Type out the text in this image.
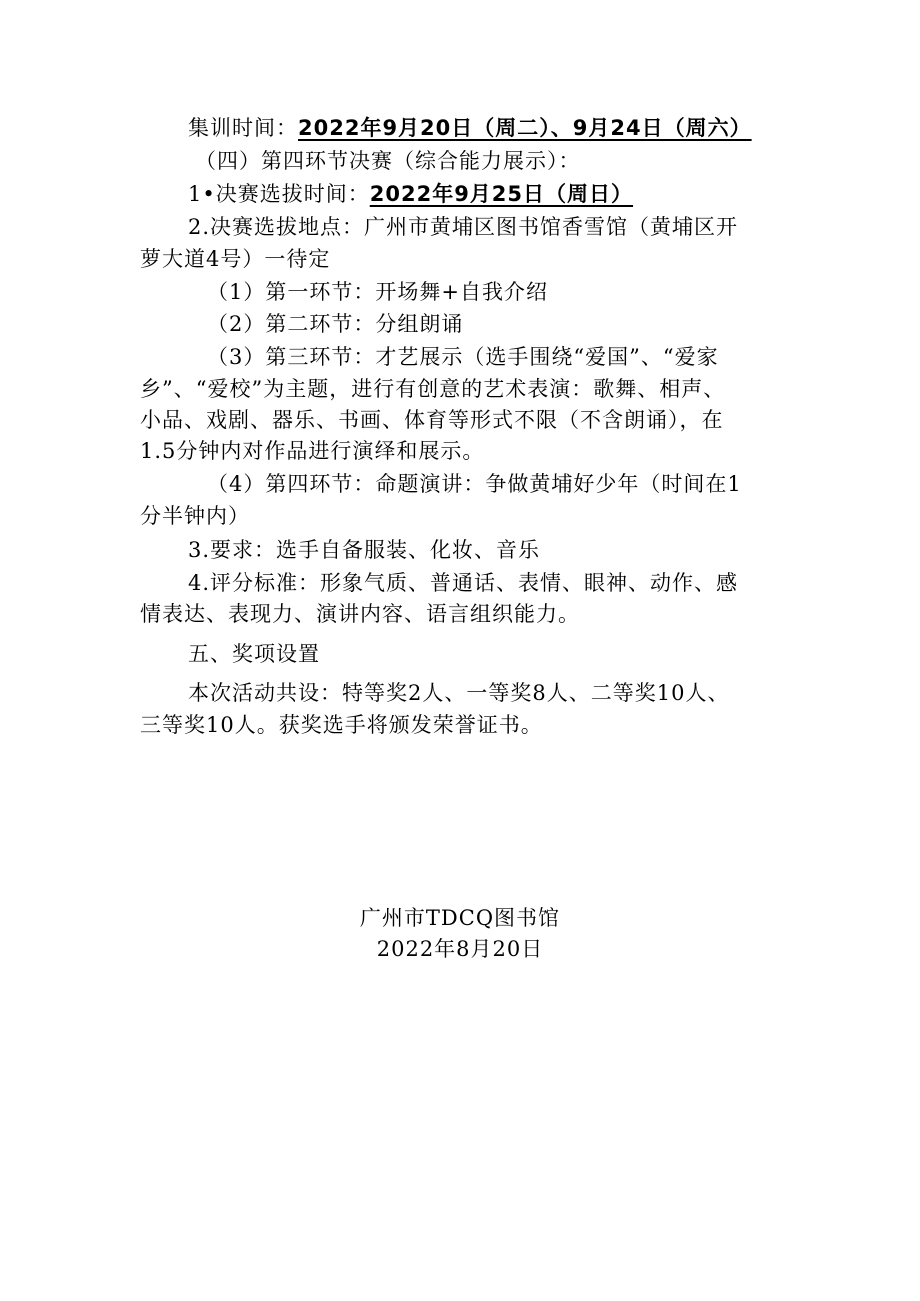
集训时间：2022年9月20日（周二）、9月24日（周六）
（四）第四环节决赛（综合能力展示）：
1•决赛选拔时间：2022年9月25日（周日）
2.决赛选拔地点：广州市黄埔区图书馆香雪馆（黄埔区开
萝大道4号）一待定
（1）第一环节：开场舞+自我介绍
（2）第二环节：分组朗诵
（3）第三环节：才艺展示（选手围绕“爱国”、“爱家
乡”、“爱校”为主题，进行有创意的艺术表演：歌舞、相声、
小品、戏剧、器乐、书画、体育等形式不限（不含朗诵），在
1.5分钟内对作品进行演绎和展示。
（4）第四环节：命题演讲：争做黄埔好少年（时间在1
分半钟内）
3.要求：选手自备服装、化妆、音乐
4.评分标准：形象气质、普通话、表情、眼神、动作、感
情表达、表现力、演讲内容、语言组织能力。
五、奖项设置
本次活动共设：特等奖2人、一等奖8人、二等奖10人、
三等奖10人。获奖选手将颁发荣誉证书。
广州市TDCQ图书馆
2022年8月20日
